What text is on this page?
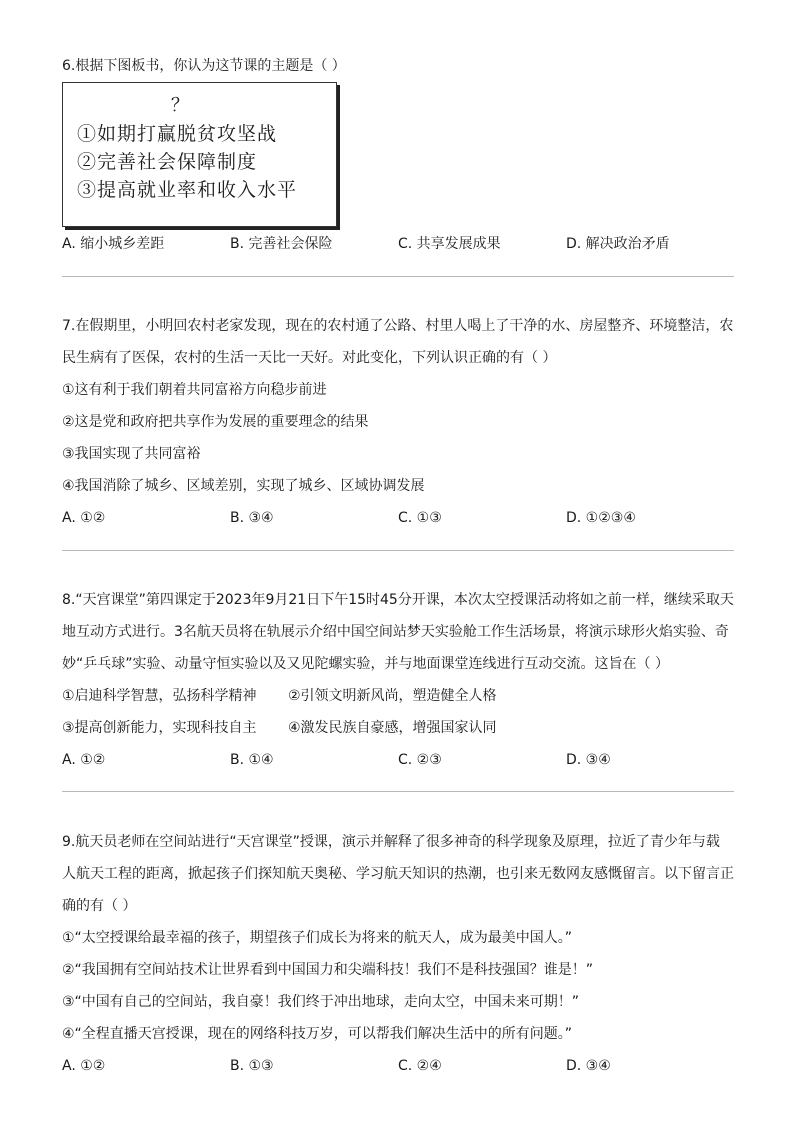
6.根据下图板书，你认为这节课的主题是（ ）
？
①如期打赢脱贫攻坚战
②完善社会保障制度
③提高就业率和收入水平
A. 缩小城乡差距	B. 完善社会保险	C. 共享发展成果	D. 解决政治矛盾
7.在假期里，小明回农村老家发现，现在的农村通了公路、村里人喝上了干净的水、房屋整齐、环境整洁，农
民生病有了医保，农村的生活一天比一天好。对此变化，下列认识正确的有（ ）
①这有利于我们朝着共同富裕方向稳步前进
②这是党和政府把共享作为发展的重要理念的结果
③我国实现了共同富裕
④我国消除了城乡、区域差别，实现了城乡、区域协调发展
A. ①②	B. ③④	C. ①③	D. ①②③④
8.“天宫课堂”第四课定于2023年9月21日下午15时45分开课，本次太空授课活动将如之前一样，继续采取天
地互动方式进行。3名航天员将在轨展示介绍中国空间站梦天实验舱工作生活场景，将演示球形火焰实验、奇
妙“乒乓球”实验、动量守恒实验以及又见陀螺实验，并与地面课堂连线进行互动交流。这旨在（ ）
①启迪科学智慧，弘扬科学精神 ②引领文明新风尚，塑造健全人格
③提高创新能力，实现科技自主 ④激发民族自豪感，增强国家认同
A. ①②	B. ①④	C. ②③	D. ③④
9.航天员老师在空间站进行“天宫课堂”授课，演示并解释了很多神奇的科学现象及原理，拉近了青少年与载
人航天工程的距离，掀起孩子们探知航天奥秘、学习航天知识的热潮，也引来无数网友感慨留言。以下留言正
确的有（ ）
①“太空授课给最幸福的孩子，期望孩子们成长为将来的航天人，成为最美中国人。”
②“我国拥有空间站技术让世界看到中国国力和尖端科技！我们不是科技强国？谁是！”
③“中国有自己的空间站，我自豪！我们终于冲出地球，走向太空，中国未来可期！”
④“全程直播天宫授课，现在的网络科技万岁，可以帮我们解决生活中的所有问题。”
A. ①②	B. ①③	C. ②④	D. ③④
